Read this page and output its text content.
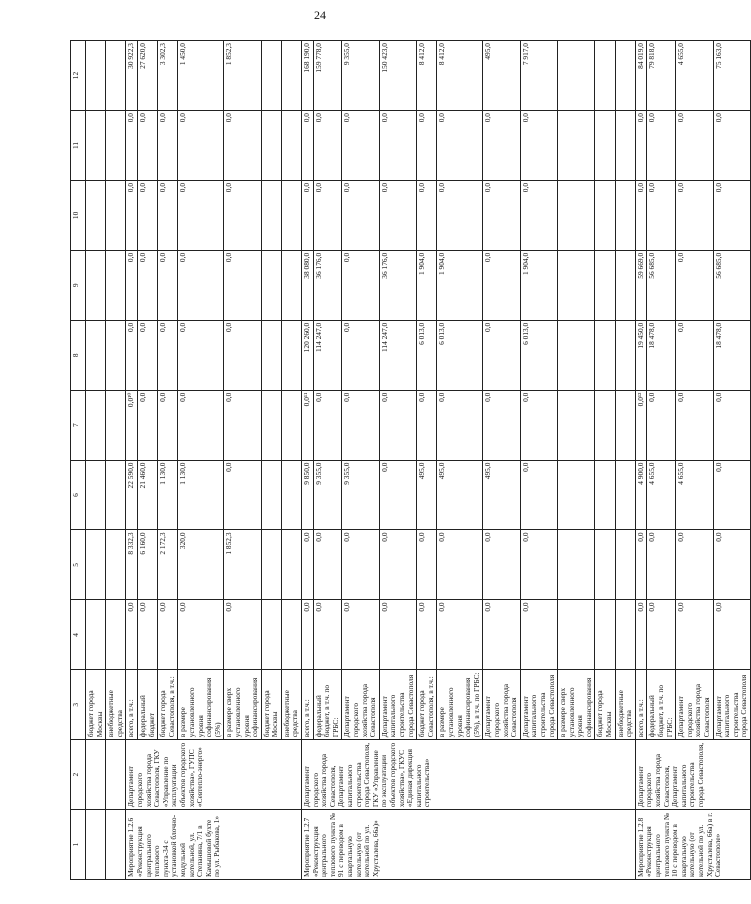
24
1	2	3	4	5	6	7	8	9	10	11	12
		бюджет города Москвы									
		внебюджетные средства									
Мероприятие 1.2.6 «Реконструкция центрального теплового пункта-34 с установкой блочно-модульной котельной, ул. Степаняна, 7/1 в Камышовой бухте по ул. Рыбакова, 1»	Департамент городского хозяйства города Севастополя, ГКУ «Управление по эксплуатации объектов городского хозяйства», ГУПС «Севтепло-энерго»	всего, в т.ч.:	0,0	8 332,3	22 590,0	0,0¹⁰	0,0	0,0	0,0	0,0	30 922,3
		федеральный бюджет	0,0	6 160,0	21 460,0	0,0	0,0	0,0	0,0	0,0	27 620,0
		бюджет города Севастополя, в т.ч.:	0,0	2 172,3	1 130,0	0,0	0,0	0,0	0,0	0,0	3 302,3
		в размере установленного уровня софинансирования (5%)	0,0	320,0	1 130,0	0,0	0,0	0,0	0,0	0,0	1 450,0
		в размере сверх установленного уровня софинансирования	0,0	1 852,3	0,0	0,0	0,0	0,0	0,0	0,0	1 852,3
		бюджет города Москвы									
		внебюджетные средства									
Мероприятие 1.2.7 «Реконструкция центрального теплового пункта № 91 с переводом в квартальную котельную (от котельной по ул. Хрусталева, 66а)»	Департамент городского хозяйства города Севастополя, Департамент капитального строительства города Севастополя, ГКУ «Управление по эксплуатации объектов городского хозяйства», ГКУС «Единая дирекция капитального строительства»	всего, в т.ч.:	0,0	0,0	9 850,0	0,0¹¹	120 260,0	38 080,0	0,0	0,0	168 190,0
		федеральный бюджет, в т.ч. по ГРБС:	0,0	0,0	9 355,0	0,0	114 247,0	36 176,0	0,0	0,0	159 778,0
		Департамент городского хозяйства города Севастополя	0,0	0,0	9 355,0	0,0	0,0	0,0	0,0	0,0	9 355,0
		Департамент капитального строительства города Севастополя	0,0	0,0	0,0	0,0	114 247,0	36 176,0	0,0	0,0	150 423,0
		бюджет города Севастополя, в т.ч.:	0,0	0,0	495,0	0,0	6 013,0	1 904,0	0,0	0,0	8 412,0
		в размере установленного уровня софинансирования (5%), в т.ч. по ГРБС:	0,0	0,0	495,0	0,0	6 013,0	1 904,0	0,0	0,0	8 412,0
		Департамент городского хозяйства города Севастополя	0,0	0,0	495,0	0,0	0,0	0,0	0,0	0,0	495,0
		Департамент капитального строительства города Севастополя	0,0	0,0	0,0	0,0	6 013,0	1 904,0	0,0	0,0	7 917,0
		в размере сверх установленного уровня софинансирования									
		бюджет города Москвы									
		внебюджетные средства									
Мероприятие 1.2.8 «Реконструкция центрального теплового пункта № 10 с переводом в квартальную котельную (от котельной по ул. Хрусталева, 66а) в г. Севастополе»	Департамент городского хозяйства города Севастополя, Департамент капитального строительства города Севастополя,	всего, в т.ч.:	0,0	0,0	4 900,0	0,0¹²	19 450,0	59 669,0	0,0	0,0	84 019,0
		федеральный бюджет, в т.ч. по ГРБС:	0,0	0,0	4 655,0	0,0	18 478,0	56 685,0	0,0	0,0	79 818,0
		Департамент городского хозяйства города Севастополя	0,0	0,0	4 655,0	0,0	0,0	0,0	0,0	0,0	4 655,0
		Департамент капитального строительства города Севастополя	0,0	0,0	0,0	0,0	18 478,0	56 685,0	0,0	0,0	75 163,0
